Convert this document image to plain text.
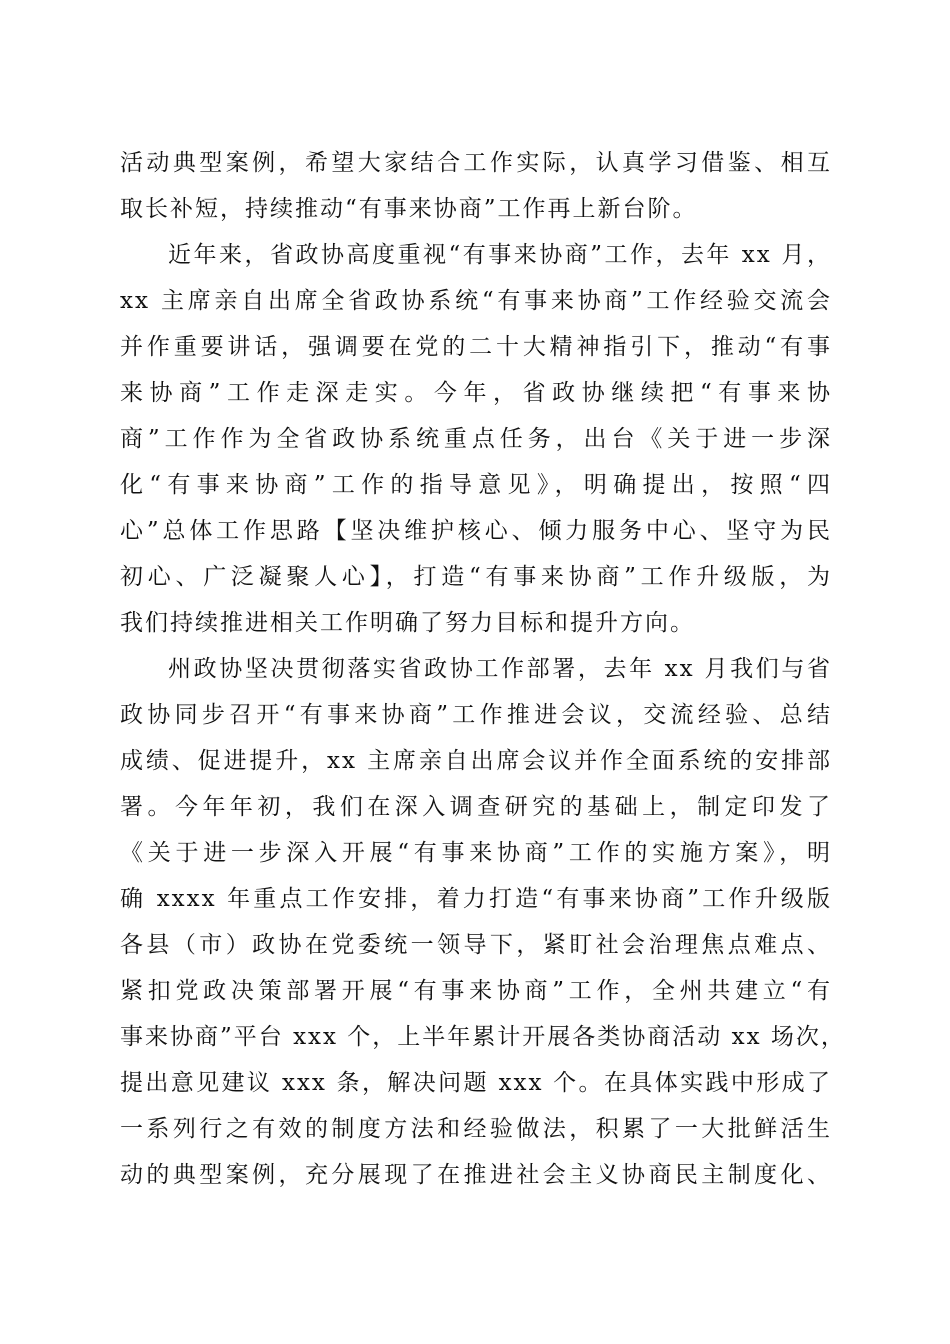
活动典型案例，希望大家结合工作实际，认真学习借鉴、相互
取长补短，持续推动“有事来协商”工作再上新台阶。
近年来，省政协高度重视“有事来协商”工作，去年 xx 月，
xx 主席亲自出席全省政协系统“有事来协商”工作经验交流会
并作重要讲话，强调要在党的二十大精神指引下，推动“有事
来协商”工作走深走实。今年，省政协继续把“有事来协
商”工作作为全省政协系统重点任务，出台《关于进一步深
化“有事来协商”工作的指导意见》，明确提出，按照“四
心”总体工作思路【坚决维护核心、倾力服务中心、坚守为民
初心、广泛凝聚人心】，打造“有事来协商”工作升级版，为
我们持续推进相关工作明确了努力目标和提升方向。
州政协坚决贯彻落实省政协工作部署，去年 xx 月我们与省
政协同步召开“有事来协商”工作推进会议，交流经验、总结
成绩、促进提升，xx 主席亲自出席会议并作全面系统的安排部
署。今年年初，我们在深入调查研究的基础上，制定印发了
《关于进一步深入开展“有事来协商”工作的实施方案》，明
确 xxxx 年重点工作安排，着力打造“有事来协商”工作升级版
各县（市）政协在党委统一领导下，紧盯社会治理焦点难点、
紧扣党政决策部署开展“有事来协商”工作，全州共建立“有
事来协商”平台 xxx 个，上半年累计开展各类协商活动 xx 场次，
提出意见建议 xxx 条，解决问题 xxx 个。在具体实践中形成了
一系列行之有效的制度方法和经验做法，积累了一大批鲜活生
动的典型案例，充分展现了在推进社会主义协商民主制度化、
